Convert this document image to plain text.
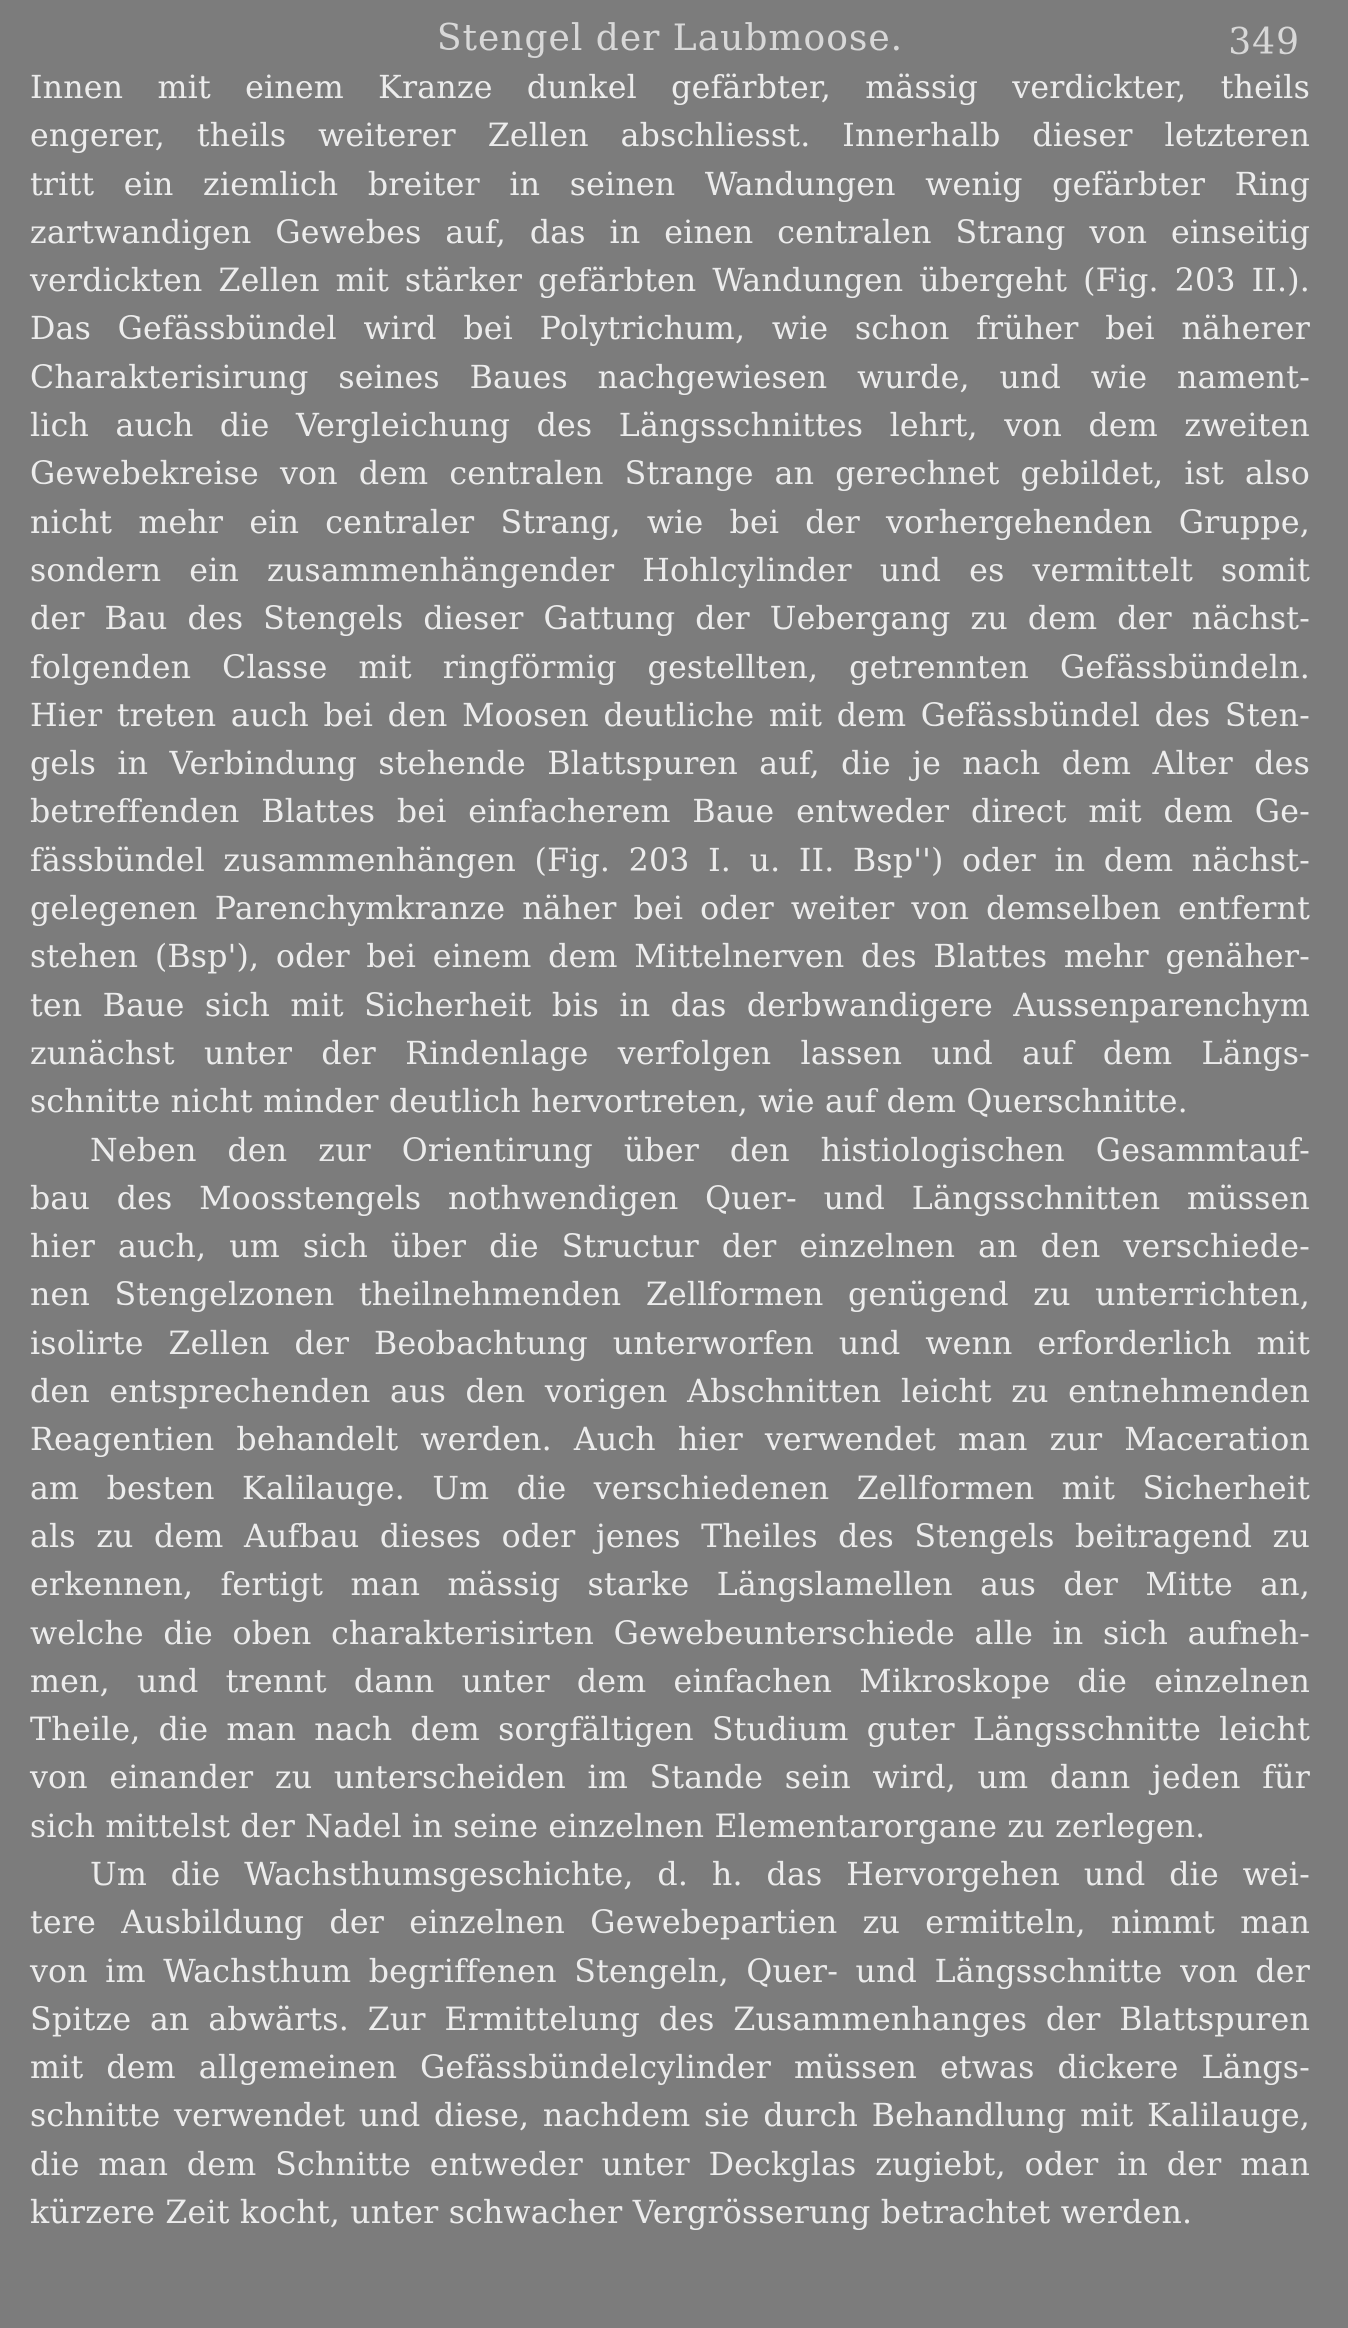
Stengel der Laubmoose.	349

Innen mit einem Kranze dunkel gefärbter, mässig verdickter, theils
engerer, theils weiterer Zellen abschliesst. Innerhalb dieser letzteren
tritt ein ziemlich breiter in seinen Wandungen wenig gefärbter Ring
zartwandigen Gewebes auf, das in einen centralen Strang von einseitig
verdickten Zellen mit stärker gefärbten Wandungen übergeht (Fig. 203 II.).
Das Gefässbündel wird bei Polytrichum, wie schon früher bei näherer
Charakterisirung seines Baues nachgewiesen wurde, und wie nament-
lich auch die Vergleichung des Längsschnittes lehrt, von dem zweiten
Gewebekreise von dem centralen Strange an gerechnet gebildet, ist also
nicht mehr ein centraler Strang, wie bei der vorhergehenden Gruppe,
sondern ein zusammenhängender Hohlcylinder und es vermittelt somit
der Bau des Stengels dieser Gattung der Uebergang zu dem der nächst-
folgenden Classe mit ringförmig gestellten, getrennten Gefässbündeln.
Hier treten auch bei den Moosen deutliche mit dem Gefässbündel des Sten-
gels in Verbindung stehende Blattspuren auf, die je nach dem Alter des
betreffenden Blattes bei einfacherem Baue entweder direct mit dem Ge-
fässbündel zusammenhängen (Fig. 203 I. u. II. Bsp'') oder in dem nächst-
gelegenen Parenchymkranze näher bei oder weiter von demselben entfernt
stehen (Bsp'), oder bei einem dem Mittelnerven des Blattes mehr genäher-
ten Baue sich mit Sicherheit bis in das derbwandigere Aussenparenchym
zunächst unter der Rindenlage verfolgen lassen und auf dem Längs-
schnitte nicht minder deutlich hervortreten, wie auf dem Querschnitte.

Neben den zur Orientirung über den histiologischen Gesammtauf-
bau des Moosstengels nothwendigen Quer- und Längsschnitten müssen
hier auch, um sich über die Structur der einzelnen an den verschiede-
nen Stengelzonen theilnehmenden Zellformen genügend zu unterrichten,
isolirte Zellen der Beobachtung unterworfen und wenn erforderlich mit
den entsprechenden aus den vorigen Abschnitten leicht zu entnehmenden
Reagentien behandelt werden. Auch hier verwendet man zur Maceration
am besten Kalilauge. Um die verschiedenen Zellformen mit Sicherheit
als zu dem Aufbau dieses oder jenes Theiles des Stengels beitragend zu
erkennen, fertigt man mässig starke Längslamellen aus der Mitte an,
welche die oben charakterisirten Gewebeunterschiede alle in sich aufneh-
men, und trennt dann unter dem einfachen Mikroskope die einzelnen
Theile, die man nach dem sorgfältigen Studium guter Längsschnitte leicht
von einander zu unterscheiden im Stande sein wird, um dann jeden für
sich mittelst der Nadel in seine einzelnen Elementarorgane zu zerlegen.

Um die Wachsthumsgeschichte, d. h. das Hervorgehen und die wei-
tere Ausbildung der einzelnen Gewebepartien zu ermitteln, nimmt man
von im Wachsthum begriffenen Stengeln, Quer- und Längsschnitte von der
Spitze an abwärts. Zur Ermittelung des Zusammenhanges der Blattspuren
mit dem allgemeinen Gefässbündelcylinder müssen etwas dickere Längs-
schnitte verwendet und diese, nachdem sie durch Behandlung mit Kalilauge,
die man dem Schnitte entweder unter Deckglas zugiebt, oder in der man
kürzere Zeit kocht, unter schwacher Vergrösserung betrachtet werden.
